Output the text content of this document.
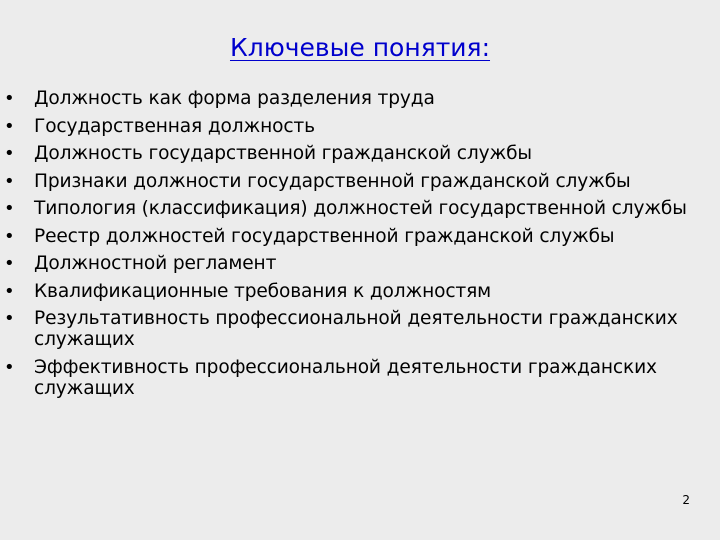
Ключевые понятия:
• Должность как форма разделения труда
• Государственная должность
• Должность государственной гражданской службы
• Признаки должности государственной гражданской службы
• Типология (классификация) должностей государственной службы
• Реестр должностей государственной гражданской службы
• Должностной регламент
• Квалификационные требования к должностям
• Результативность профессиональной деятельности гражданских служащих
• Эффективность профессиональной деятельности гражданских служащих
2
